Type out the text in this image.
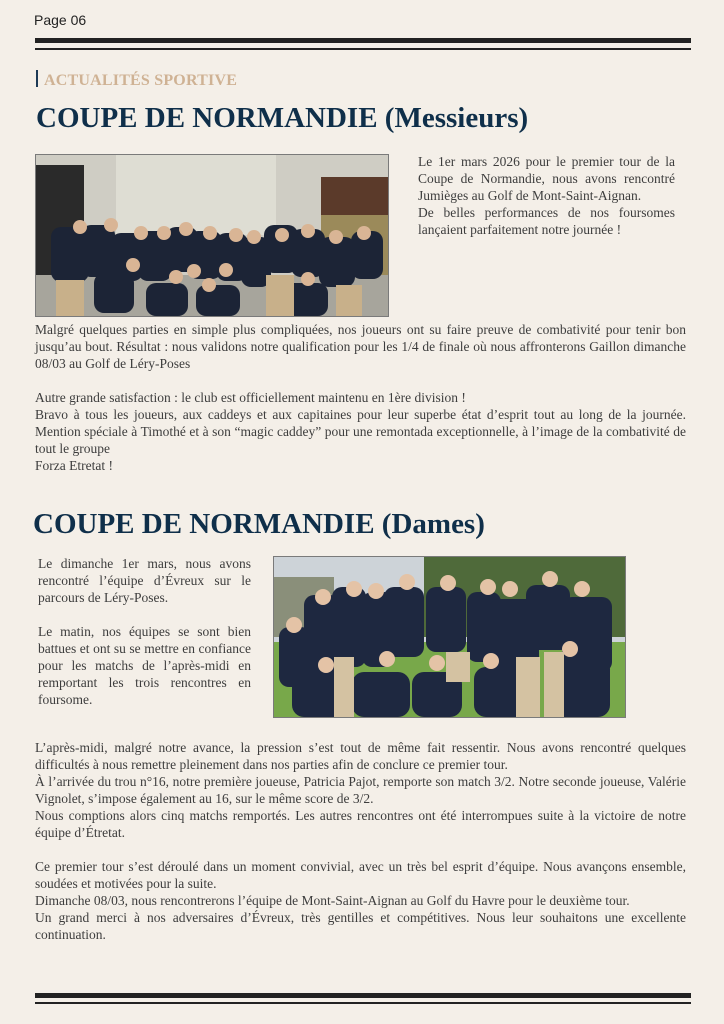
Page 06
ACTUALITÉS SPORTIVE
COUPE DE NORMANDIE (Messieurs)

Le 1er mars 2026 pour le premier tour de la Coupe de Normandie, nous avons rencontré Jumièges au Golf de Mont-Saint-Aignan.

De belles performances de nos foursomes lançaient parfaitement notre journée !

Malgré quelques parties en simple plus compliquées, nos joueurs ont su faire preuve de combativité pour tenir bon jusqu’au bout. Résultat : nous validons notre qualification pour les 1/4 de finale où nous affronterons Gaillon dimanche 08/03 au Golf de Léry-Poses

Autre grande satisfaction : le club est officiellement maintenu en 1ère division !

Bravo à tous les joueurs, aux caddeys et aux capitaines pour leur superbe état d’esprit tout au long de la journée. Mention spéciale à Timothé et à son “magic caddey” pour une remontada exceptionnelle, à l’image de la combativité de tout le groupe

Forza Etretat !

COUPE DE NORMANDIE (Dames)

Le dimanche 1er mars, nous avons rencontré l’équipe d’Évreux sur le parcours de Léry-Poses.

Le matin, nos équipes se sont bien battues et ont su se mettre en confiance pour les matchs de l’après-midi en remportant les trois rencontres en foursome.

L’après-midi, malgré notre avance, la pression s’est tout de même fait ressentir. Nous avons rencontré quelques difficultés à nous remettre pleinement dans nos parties afin de conclure ce premier tour.

À l’arrivée du trou n°16, notre première joueuse, Patricia Pajot, remporte son match 3/2. Notre seconde joueuse, Valérie Vignolet, s’impose également au 16, sur le même score de 3/2.

Nous comptions alors cinq matchs remportés. Les autres rencontres ont été interrompues suite à la victoire de notre équipe d’Étretat.

Ce premier tour s’est déroulé dans un moment convivial, avec un très bel esprit d’équipe. Nous avançons ensemble, soudées et motivées pour la suite.

Dimanche 08/03, nous rencontrerons l’équipe de Mont-Saint-Aignan au Golf du Havre pour le deuxième tour.

Un grand merci à nos adversaires d’Évreux, très gentilles et compétitives. Nous leur souhaitons une excellente continuation.
